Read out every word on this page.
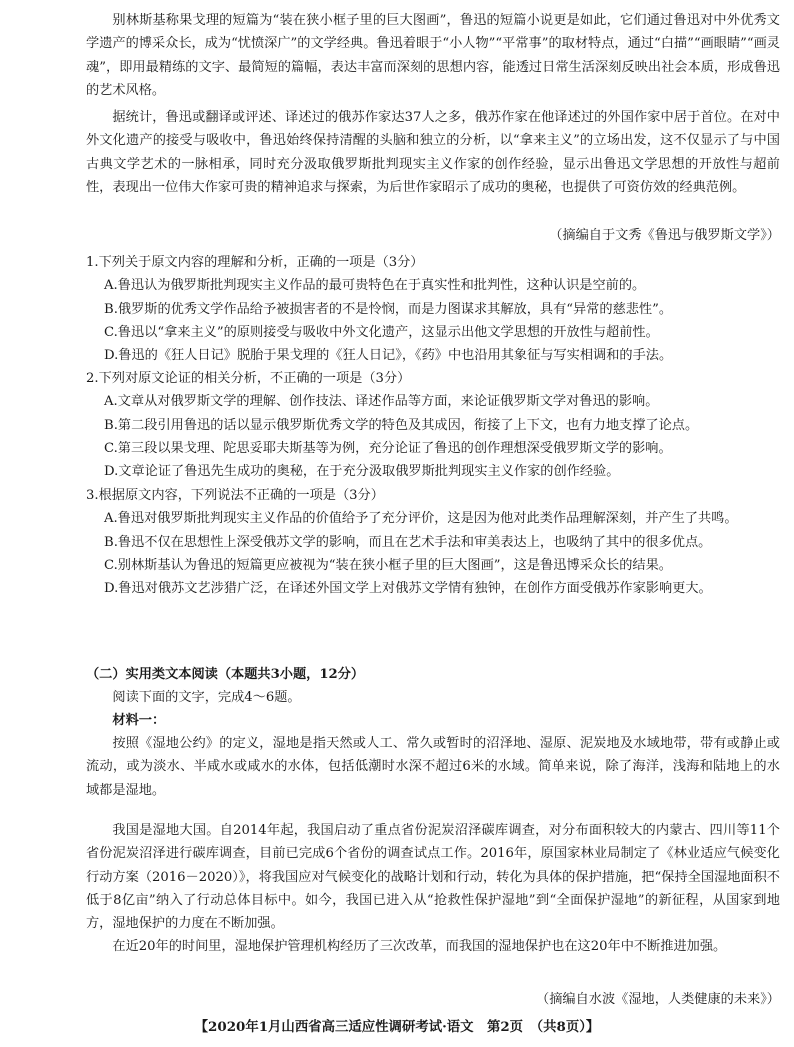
别林斯基称果戈理的短篇为“装在狭小框子里的巨大图画”，鲁迅的短篇小说更是如此，它们通过鲁迅对中外优秀文学遗产的博采众长，成为“忧愤深广”的文学经典。鲁迅着眼于“小人物”“平常事”的取材特点，通过“白描”“画眼睛”“画灵魂”，即用最精练的文字、最简短的篇幅，表达丰富而深刻的思想内容，能透过日常生活深刻反映出社会本质，形成鲁迅的艺术风格。

据统计，鲁迅或翻译或评述、译述过的俄苏作家达37人之多，俄苏作家在他译述过的外国作家中居于首位。在对中外文化遗产的接受与吸收中，鲁迅始终保持清醒的头脑和独立的分析，以“拿来主义”的立场出发，这不仅显示了与中国古典文学艺术的一脉相承，同时充分汲取俄罗斯批判现实主义作家的创作经验，显示出鲁迅文学思想的开放性与超前性，表现出一位伟大作家可贵的精神追求与探索，为后世作家昭示了成功的奥秘，也提供了可资仿效的经典范例。

（摘编自于文秀《鲁迅与俄罗斯文学》）

1.下列关于原文内容的理解和分析，正确的一项是（3分）

A.鲁迅认为俄罗斯批判现实主义作品的最可贵特色在于真实性和批判性，这种认识是空前的。

B.俄罗斯的优秀文学作品给予被损害者的不是怜悯，而是力图谋求其解放，具有“异常的慈悲性”。

C.鲁迅以“拿来主义”的原则接受与吸收中外文化遗产，这显示出他文学思想的开放性与超前性。

D.鲁迅的《狂人日记》脱胎于果戈理的《狂人日记》，《药》中也沿用其象征与写实相调和的手法。

2.下列对原文论证的相关分析，不正确的一项是（3分）

A.文章从对俄罗斯文学的理解、创作技法、译述作品等方面，来论证俄罗斯文学对鲁迅的影响。

B.第二段引用鲁迅的话以显示俄罗斯优秀文学的特色及其成因，衔接了上下文，也有力地支撑了论点。

C.第三段以果戈理、陀思妥耶夫斯基等为例，充分论证了鲁迅的创作理想深受俄罗斯文学的影响。

D.文章论证了鲁迅先生成功的奥秘，在于充分汲取俄罗斯批判现实主义作家的创作经验。

3.根据原文内容，下列说法不正确的一项是（3分）

A.鲁迅对俄罗斯批判现实主义作品的价值给予了充分评价，这是因为他对此类作品理解深刻，并产生了共鸣。

B.鲁迅不仅在思想性上深受俄苏文学的影响，而且在艺术手法和审美表达上，也吸纳了其中的很多优点。

C.别林斯基认为鲁迅的短篇更应被视为“装在狭小框子里的巨大图画”，这是鲁迅博采众长的结果。

D.鲁迅对俄苏文艺涉猎广泛，在译述外国文学上对俄苏文学情有独钟，在创作方面受俄苏作家影响更大。

（二）实用类文本阅读（本题共3小题，12分）

阅读下面的文字，完成4～6题。

材料一：

按照《湿地公约》的定义，湿地是指天然或人工、常久或暂时的沼泽地、湿原、泥炭地及水域地带，带有或静止或流动，或为淡水、半咸水或咸水的水体，包括低潮时水深不超过6米的水域。简单来说，除了海洋，浅海和陆地上的水域都是湿地。

我国是湿地大国。自2014年起，我国启动了重点省份泥炭沼泽碳库调查，对分布面积较大的内蒙古、四川等11个省份泥炭沼泽进行碳库调查，目前已完成6个省份的调查试点工作。2016年，原国家林业局制定了《林业适应气候变化行动方案（2016－2020）》，将我国应对气候变化的战略计划和行动，转化为具体的保护措施，把“保持全国湿地面积不低于8亿亩”纳入了行动总体目标中。如今，我国已进入从“抢救性保护湿地”到“全面保护湿地”的新征程，从国家到地方，湿地保护的力度在不断加强。

在近20年的时间里，湿地保护管理机构经历了三次改革，而我国的湿地保护也在这20年中不断推进加强。

（摘编自水波《湿地，人类健康的未来》）

【2020年1月山西省高三适应性调研考试·语文　第2页　（共8页）】
